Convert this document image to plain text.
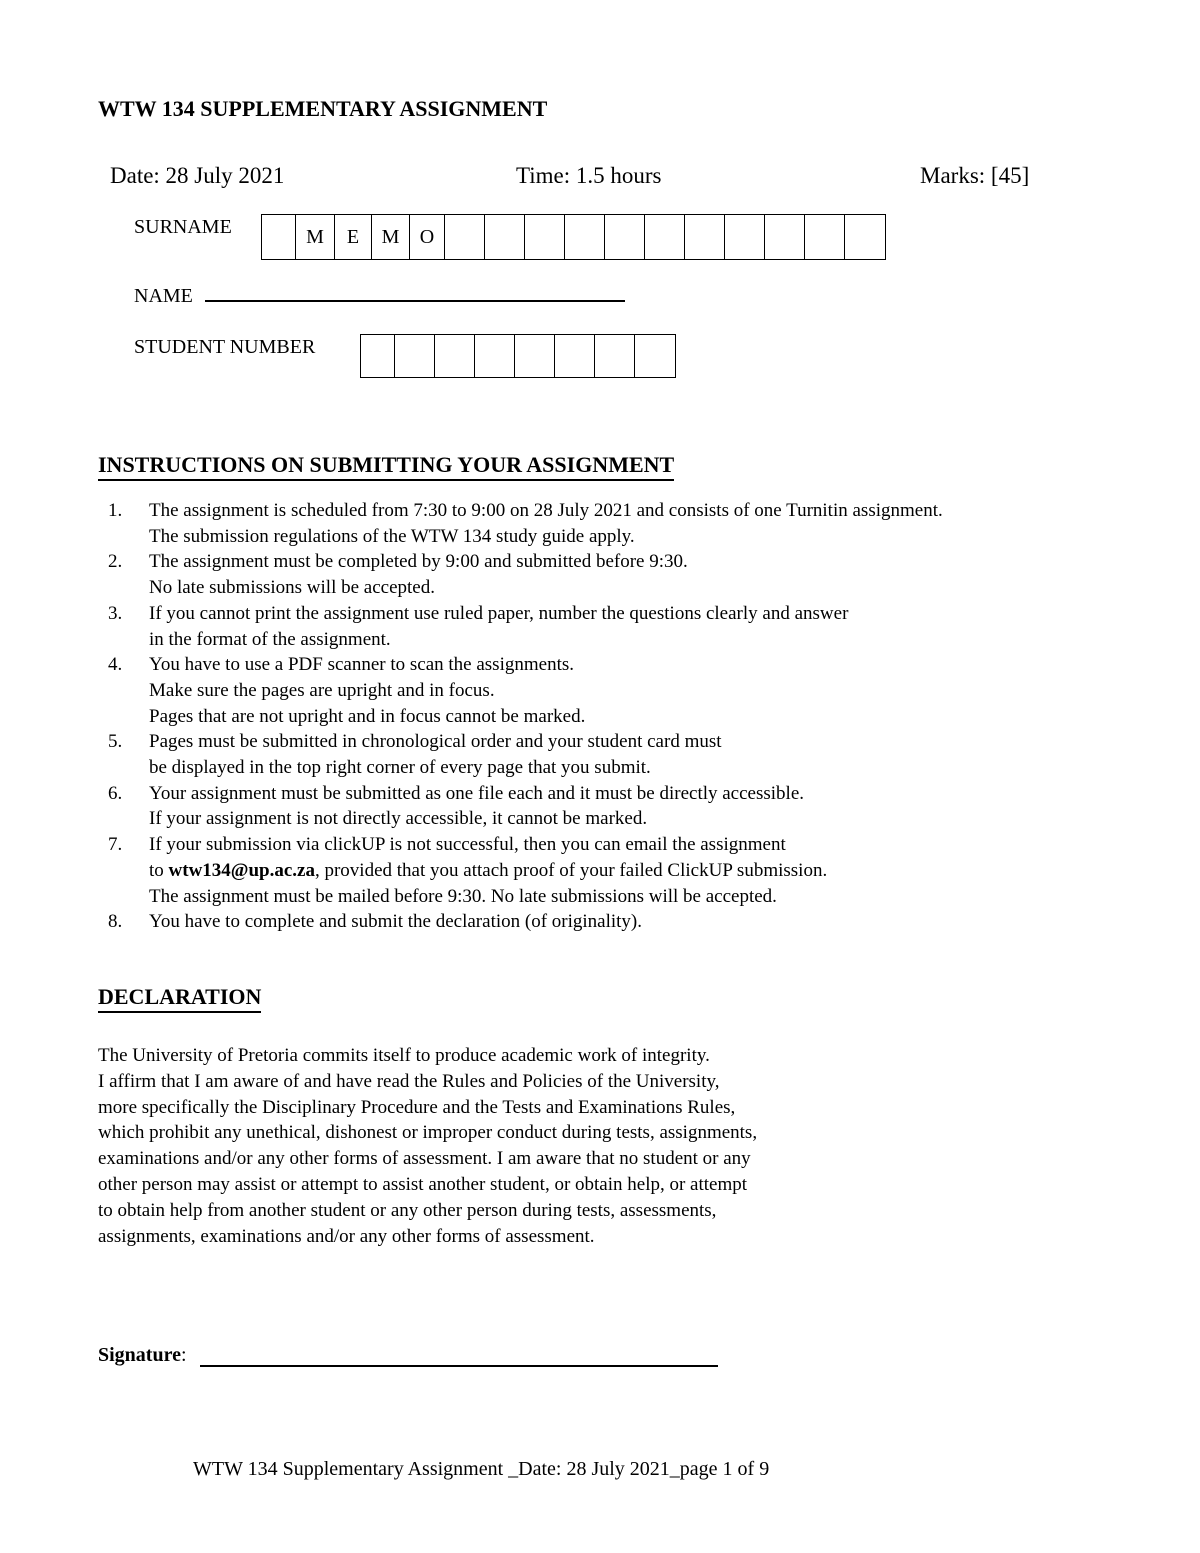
WTW 134 SUPPLEMENTARY ASSIGNMENT
Date: 28 July 2021	Time: 1.5 hours	Marks: [45]
SURNAME	M	E	M	O
NAME
STUDENT NUMBER
INSTRUCTIONS ON SUBMITTING YOUR ASSIGNMENT
1.	The assignment is scheduled from 7:30 to 9:00 on 28 July 2021 and consists of one Turnitin assignment.
The submission regulations of the WTW 134 study guide apply.
2.	The assignment must be completed by 9:00 and submitted before 9:30.
No late submissions will be accepted.
3.	If you cannot print the assignment use ruled paper, number the questions clearly and answer
in the format of the assignment.
4.	You have to use a PDF scanner to scan the assignments.
Make sure the pages are upright and in focus.
Pages that are not upright and in focus cannot be marked.
5.	Pages must be submitted in chronological order and your student card must
be displayed in the top right corner of every page that you submit.
6.	Your assignment must be submitted as one file each and it must be directly accessible.
If your assignment is not directly accessible, it cannot be marked.
7.	If your submission via clickUP is not successful, then you can email the assignment
to wtw134@up.ac.za, provided that you attach proof of your failed ClickUP submission.
The assignment must be mailed before 9:30. No late submissions will be accepted.
8.	You have to complete and submit the declaration (of originality).
DECLARATION
The University of Pretoria commits itself to produce academic work of integrity.
I affirm that I am aware of and have read the Rules and Policies of the University,
more specifically the Disciplinary Procedure and the Tests and Examinations Rules,
which prohibit any unethical, dishonest or improper conduct during tests, assignments,
examinations and/or any other forms of assessment. I am aware that no student or any
other person may assist or attempt to assist another student, or obtain help, or attempt
to obtain help from another student or any other person during tests, assessments,
assignments, examinations and/or any other forms of assessment.
Signature:
WTW 134 Supplementary Assignment _Date: 28 July 2021_page 1 of 9
